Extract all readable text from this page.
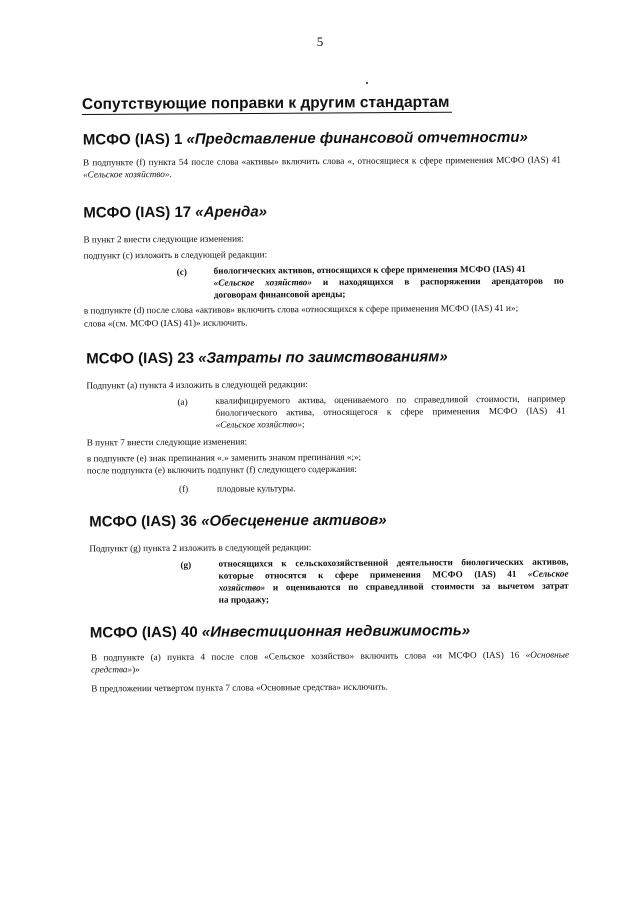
5
Сопутствующие поправки к другим стандартам
МСФО (IAS) 1 «Представление финансовой отчетности»
В подпункте (f) пункта 54 после слова «активы» включить слова «, относящиеся к сфере применения МСФО (IAS) 41 «Сельское хозяйство».
МСФО (IAS) 17 «Аренда»
В пункт 2 внести следующие изменения:
подпункт (с) изложить в следующей редакции:
(c)	биологических активов, относящихся к сфере применения МСФО (IAS) 41
«Сельское хозяйство» и находящихся в распоряжении арендаторов по
договорам финансовой аренды;
в подпункте (d) после слова «активов» включить слова «относящихся к сфере применения МСФО (IAS) 41 и»;
слова «(см. МСФО (IAS) 41)» исключить.
МСФО (IAS) 23 «Затраты по заимствованиям»
Подпункт (а) пункта 4 изложить в следующей редакции:
(a)	квалифицируемого актива, оцениваемого по справедливой стоимости, например
биологического актива, относящегося к сфере применения МСФО (IAS) 41
«Сельское хозяйство»;
В пункт 7 внести следующие изменения:
в подпункте (е) знак препинания «.» заменить знаком препинания «;»;
после подпункта (е) включить подпункт (f) следующего содержания:
(f)	плодовые культуры.
МСФО (IAS) 36 «Обесценение активов»
Подпункт (g) пункта 2 изложить в следующей редакции:
(g)	относящихся к сельскохозяйственной деятельности биологических активов,
которые относятся к сфере применения МСФО (IAS) 41 «Сельское
хозяйство» и оцениваются по справедливой стоимости за вычетом затрат
на продажу;
МСФО (IAS) 40 «Инвестиционная недвижимость»
В подпункте (а) пункта 4 после слов «Сельское хозяйство» включить слова «и МСФО (IAS) 16 «Основные
средства»)»
В предложении четвертом пункта 7 слова «Основные средства» исключить.
